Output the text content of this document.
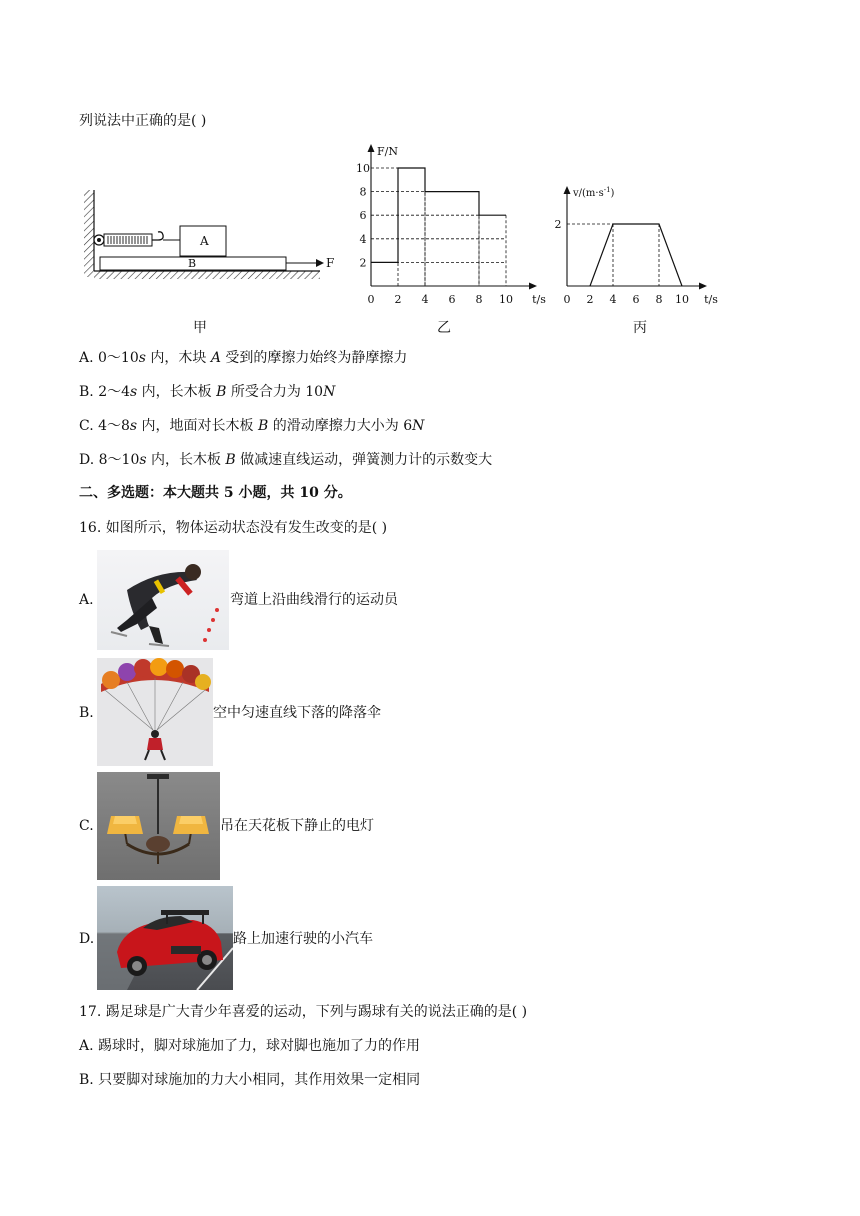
列说法中正确的是( )
A
B	F
甲
F/N
t/s
10
8
6
4
2
0 2 4 6 8 10
乙
$v/(m\cdot s^{-1})$
t/s
2
0 2 4 6 8 10
丙
A. 0～10𝑠 内，木块 𝐴 受到的摩擦力始终为静摩擦力
B. 2～4𝑠 内，长木板 𝐵 所受合力为 10𝑁
C. 4～8𝑠 内，地面对长木板 𝐵 的滑动摩擦力大小为 6𝑁
D. 8～10𝑠 内，长木板 𝐵 做减速直线运动，弹簧测力计的示数变大
二、多选题：本大题共 5 小题，共 10 分。
16. 如图所示，物体运动状态没有发生改变的是( )
A.	弯道上沿曲线滑行的运动员
B.	空中匀速直线下落的降落伞
C.	吊在天花板下静止的电灯
D.	路上加速行驶的小汽车
17. 踢足球是广大青少年喜爱的运动，下列与踢球有关的说法正确的是( )
A. 踢球时，脚对球施加了力，球对脚也施加了力的作用
B. 只要脚对球施加的力大小相同，其作用效果一定相同
